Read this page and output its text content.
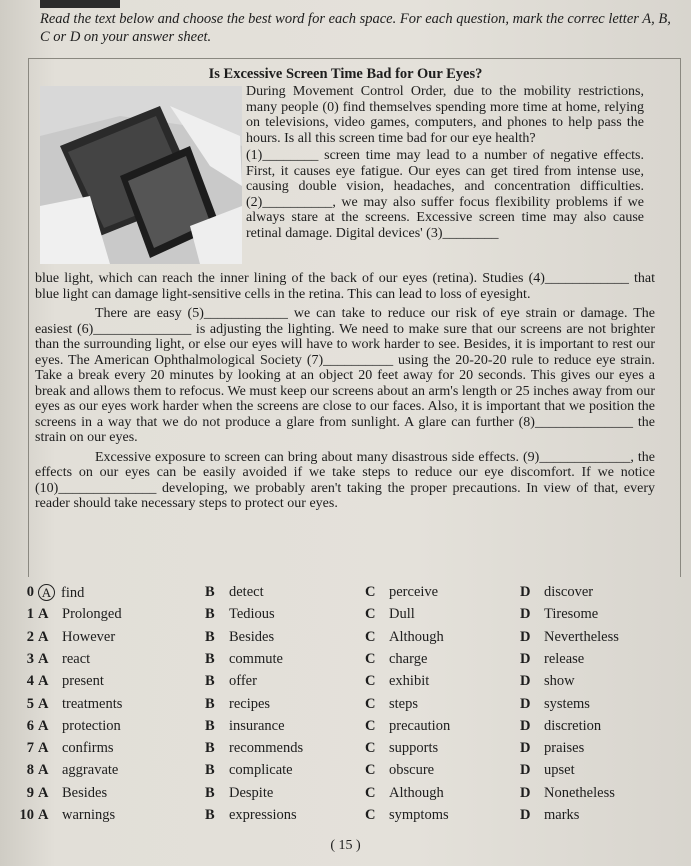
Read the text below and choose the best word for each space. For each question, mark the correc letter A, B, C or D on your answer sheet.
Is Excessive Screen Time Bad for Our Eyes?

During Movement Control Order, due to the mobility restrictions, many people (0) find themselves spending more time at home, relying on televisions, video games, computers, and phones to help pass the hours. Is all this screen time bad for our eye health?

(1)________ screen time may lead to a number of negative effects. First, it causes eye fatigue. Our eyes can get tired from intense use, causing double vision, headaches, and concentration difficulties. (2)__________, we may also suffer focus flexibility problems if we always stare at the screens. Excessive screen time may also cause retinal damage. Digital devices' (3)________

blue light, which can reach the inner lining of the back of our eyes (retina). Studies (4)____________ that blue light can damage light-sensitive cells in the retina. This can lead to loss of eyesight.

There are easy (5)____________ we can take to reduce our risk of eye strain or damage. The easiest (6)______________ is adjusting the lighting. We need to make sure that our screens are not brighter than the surrounding light, or else our eyes will have to work harder to see. Besides, it is important to rest our eyes. The American Ophthalmological Society (7)__________ using the 20-20-20 rule to reduce eye strain. Take a break every 20 minutes by looking at an object 20 feet away for 20 seconds. This gives our eyes a break and allows them to refocus. We must keep our screens about an arm's length or 25 inches away from our eyes as our eyes work harder when the screens are close to our faces. Also, it is important that we position the screens in a way that we do not produce a glare from sunlight. A glare can further (8)______________ the strain on our eyes.

Excessive exposure to screen can bring about many disastrous side effects. (9)_____________, the effects on our eyes can be easily avoided if we take steps to reduce our eye discomfort. If we notice (10)______________ developing, we probably aren't taking the proper precautions. In view of that, every reader should take necessary steps to protect our eyes.

0 A find	B detect	C perceive	D discover
1 A Prolonged	B Tedious	C Dull	D Tiresome
2 A However	B Besides	C Although	D Nevertheless
3 A react	B commute	C charge	D release
4 A present	B offer	C exhibit	D show
5 A treatments	B recipes	C steps	D systems
6 A protection	B insurance	C precaution	D discretion
7 A confirms	B recommends	C supports	D praises
8 A aggravate	B complicate	C obscure	D upset
9 A Besides	B Despite	C Although	D Nonetheless
10 A warnings	B expressions	C symptoms	D marks
( 15 )
